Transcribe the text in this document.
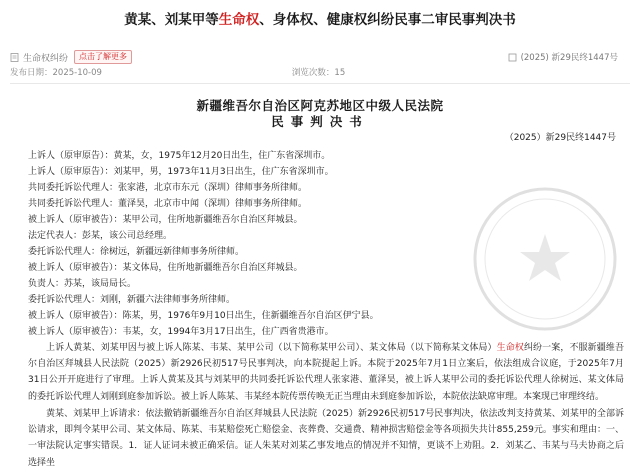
黄某、刘某甲等生命权、身体权、健康权纠纷民事二审民事判决书
生命权纠纷	点击了解更多	(2025) 新29民终1447号
发布日期：2025-10-09	浏览次数：15
新疆维吾尔自治区阿克苏地区中级人民法院
民事判决书
（2025）新29民终1447号
上诉人（原审原告）：黄某，女，1975年12月20日出生，住广东省深圳市。
上诉人（原审原告）：刘某甲，男，1973年11月3日出生，住广东省深圳市。
共同委托诉讼代理人：张家港，北京市东元（深圳）律师事务所律师。
共同委托诉讼代理人：董泽昊，北京市中闻（深圳）律师事务所律师。
被上诉人（原审被告）：某甲公司，住所地新疆维吾尔自治区拜城县。
法定代表人：彭某，该公司总经理。
委托诉讼代理人：徐树远，新疆远新律师事务所律师。
被上诉人（原审被告）：某文体局，住所地新疆维吾尔自治区拜城县。
负责人：苏某，该局局长。
委托诉讼代理人：刘刚，新疆六法律师事务所律师。
被上诉人（原审被告）：陈某，男，1976年9月10日出生，住新疆维吾尔自治区伊宁县。
被上诉人（原审被告）：韦某，女，1994年3月17日出生，住广西省贵港市。
上诉人黄某、刘某甲因与被上诉人陈某、韦某、某甲公司（以下简称某甲公司）、某文体局（以下简称某文体局）生命权纠纷一案，不服新疆维吾尔自治区拜城县人民法院（2025）新2926民初517号民事判决，向本院提起上诉。本院于2025年7月1日立案后，依法组成合议庭，于2025年7月31日公开开庭进行了审理。上诉人黄某及其与刘某甲的共同委托诉讼代理人张家港、董泽昊，被上诉人某甲公司的委托诉讼代理人徐树远、某文体局的委托诉讼代理人刘刚到庭参加诉讼。被上诉人陈某、韦某经本院传票传唤无正当理由未到庭参加诉讼，本院依法缺席审理。本案现已审理终结。
黄某、刘某甲上诉请求：依法撤销新疆维吾尔自治区拜城县人民法院（2025）新2926民初517号民事判决，依法改判支持黄某、刘某甲的全部诉讼请求，即判令某甲公司、某文体局、陈某、韦某赔偿死亡赔偿金、丧葬费、交通费、精神损害赔偿金等各项损失共计855,259元。事实和理由：一、一审法院认定事实错误。1．证人证词未被正确采信。证人朱某对刘某乙事发地点的情况并不知情，更谈不上劝阻。2．刘某乙、韦某与马夫协商之后选择坐
